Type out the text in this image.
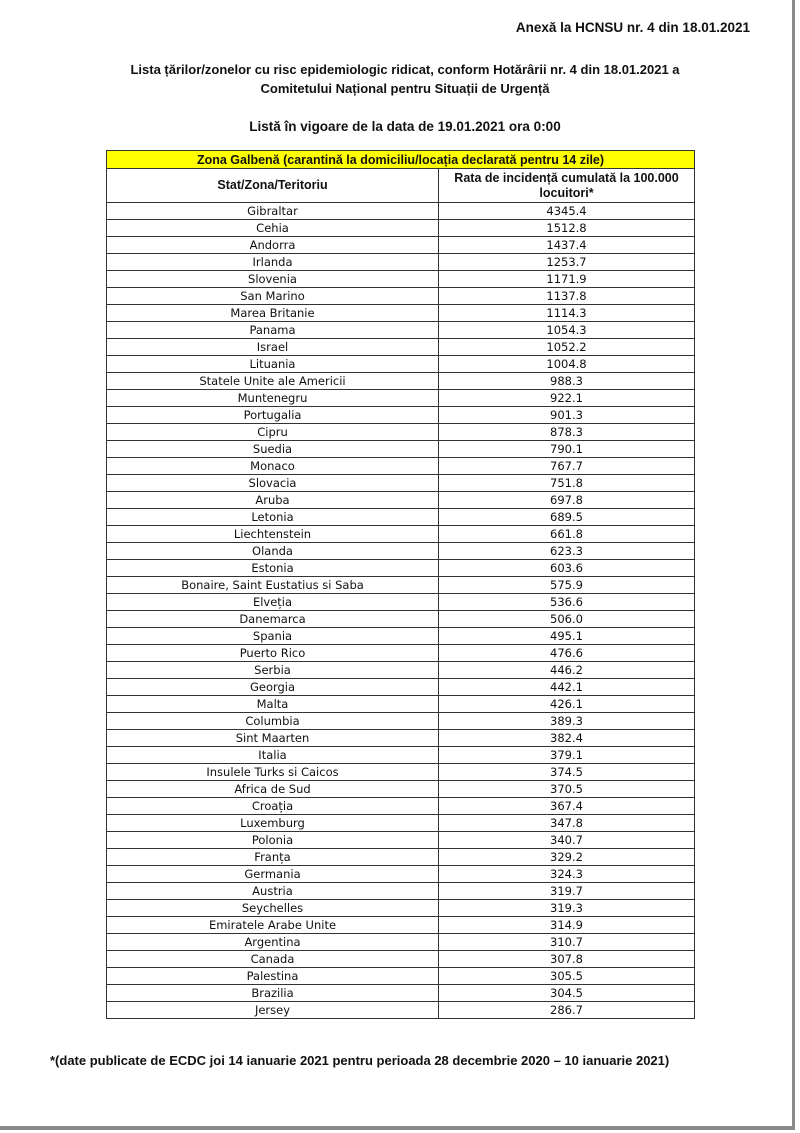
Anexă la HCNSU nr. 4 din 18.01.2021
Lista țărilor/zonelor cu risc epidemiologic ridicat, conform Hotărârii nr. 4 din 18.01.2021 a
Comitetului Național pentru Situații de Urgență
Listă în vigoare de la data de 19.01.2021 ora 0:00
Zona Galbenă (carantină la domiciliu/locația declarată pentru 14 zile)	
Stat/Zona/Teritoriu	Rata de incidență cumulată la 100.000 locuitori*
Gibraltar	4345.4
Cehia	1512.8
Andorra	1437.4
Irlanda	1253.7
Slovenia	1171.9
San Marino	1137.8
Marea Britanie	1114.3
Panama	1054.3
Israel	1052.2
Lituania	1004.8
Statele Unite ale Americii	988.3
Muntenegru	922.1
Portugalia	901.3
Cipru	878.3
Suedia	790.1
Monaco	767.7
Slovacia	751.8
Aruba	697.8
Letonia	689.5
Liechtenstein	661.8
Olanda	623.3
Estonia	603.6
Bonaire, Saint Eustatius si Saba	575.9
Elveția	536.6
Danemarca	506.0
Spania	495.1
Puerto Rico	476.6
Serbia	446.2
Georgia	442.1
Malta	426.1
Columbia	389.3
Sint Maarten	382.4
Italia	379.1
Insulele Turks si Caicos	374.5
Africa de Sud	370.5
Croația	367.4
Luxemburg	347.8
Polonia	340.7
Franța	329.2
Germania	324.3
Austria	319.7
Seychelles	319.3
Emiratele Arabe Unite	314.9
Argentina	310.7
Canada	307.8
Palestina	305.5
Brazilia	304.5
Jersey	286.7
*(date publicate de ECDC joi 14 ianuarie 2021 pentru perioada 28 decembrie 2020 – 10 ianuarie 2021)
